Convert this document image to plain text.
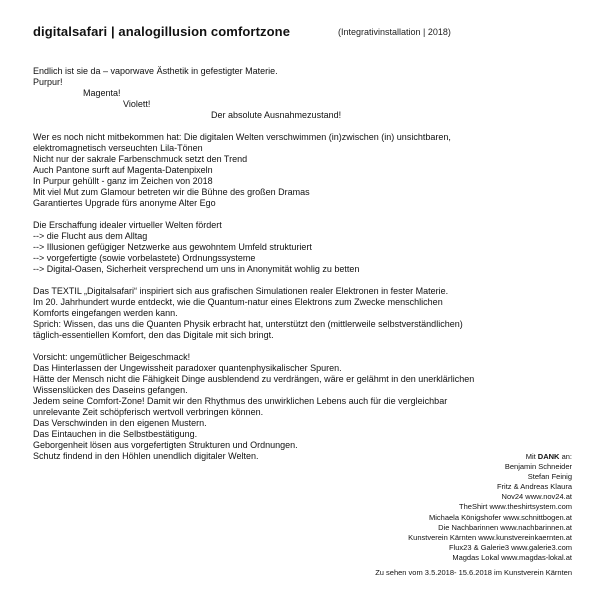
digitalsafari | analogillusion comfortzone	(Integrativinstallation | 2018)
Endlich ist sie da – vaporwave Ästhetik in gefestigter Materie.
Purpur!
Magenta!
Violett!
Der absolute Ausnahmezustand!
Wer es noch nicht mitbekommen hat: Die digitalen Welten verschwimmen (in)zwischen (in) unsichtbaren,
elektromagnetisch verseuchten Lila-Tönen
Nicht nur der sakrale Farbenschmuck setzt den Trend
Auch Pantone surft auf Magenta-Datenpixeln
In Purpur gehüllt - ganz im Zeichen von 2018
Mit viel Mut zum Glamour betreten wir die Bühne des großen Dramas
Garantiertes Upgrade fürs anonyme Alter Ego
Die Erschaffung idealer virtueller Welten fördert
--> die Flucht aus dem Alltag
--> Illusionen gefügiger Netzwerke aus gewohntem Umfeld strukturiert
--> vorgefertigte (sowie vorbelastete) Ordnungssysteme
--> Digital-Oasen, Sicherheit versprechend um uns in Anonymität wohlig zu betten
Das TEXTIL „Digitalsafari“ inspiriert sich aus grafischen Simulationen realer Elektronen in fester Materie.
Im 20. Jahrhundert wurde entdeckt, wie die Quantum-natur eines Elektrons zum Zwecke menschlichen
Komforts eingefangen werden kann.
Sprich: Wissen, das uns die Quanten Physik erbracht hat, unterstützt den (mittlerweile selbstverständlichen)
täglich-essentiellen Komfort, den das Digitale mit sich bringt.
Vorsicht: ungemütlicher Beigeschmack!
Das Hinterlassen der Ungewissheit paradoxer quantenphysikalischer Spuren.
Hätte der Mensch nicht die Fähigkeit Dinge ausblendend zu verdrängen, wäre er gelähmt in den unerklärlichen
Wissenslücken des Daseins gefangen.
Jedem seine Comfort-Zone! Damit wir den Rhythmus des unwirklichen Lebens auch für die vergleichbar
unrelevante Zeit schöpferisch wertvoll verbringen können.
Das Verschwinden in den eigenen Mustern.
Das Eintauchen in die Selbstbestätigung.
Geborgenheit lösen aus vorgefertigten Strukturen und Ordnungen.
Schutz findend in den Höhlen unendlich digitaler Welten.	Mit DANK an:
Benjamin Schneider
Stefan Feinig
Fritz & Andreas Klaura
Nov24 www.nov24.at
TheShirt www.theshirtsystem.com
Michaela Königshofer www.schnittbogen.at
Die Nachbarinnen www.nachbarinnen.at
Kunstverein Kärnten www.kunstvereinkaernten.at
Flux23 & Galerie3 www.galerie3.com
Magdas Lokal www.magdas-lokal.at
Zu sehen vom 3.5.2018- 15.6.2018 im Kunstverein Kärnten
